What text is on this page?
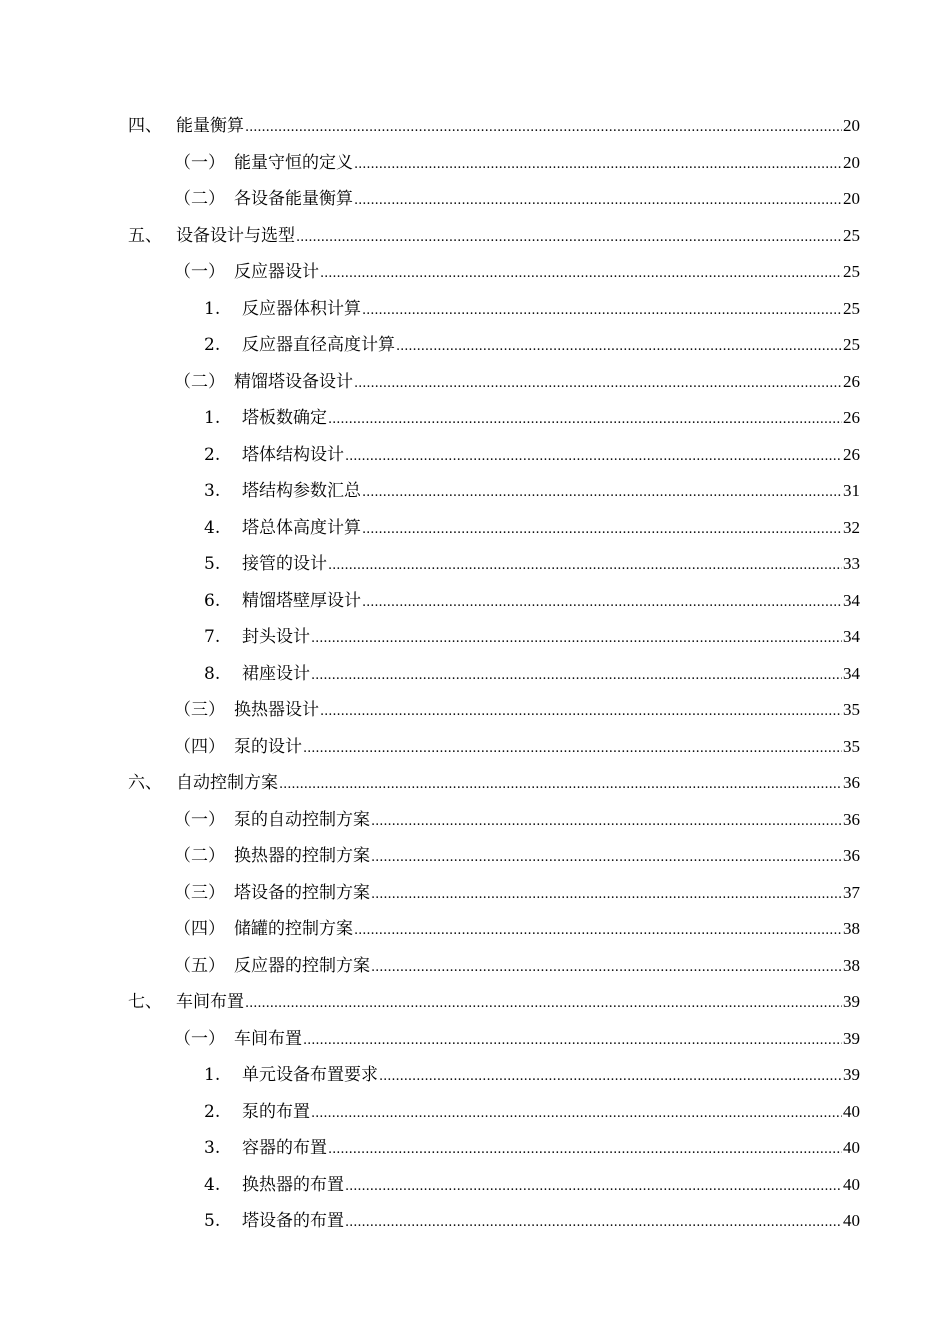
四、 能量衡算 .....	20
（一） 能量守恒的定义 .....	20
（二） 各设备能量衡算 .....	20
五、 设备设计与选型 .....	25
（一） 反应器设计 .....	25
1.	反应器体积计算 .....	25
2.	反应器直径高度计算 .....	25
（二） 精馏塔设备设计 .....	26
1.	塔板数确定 .....	26
2.	塔体结构设计 .....	26
3.	塔结构参数汇总 .....	31
4.	塔总体高度计算 .....	32
5.	接管的设计 .....	33
6.	精馏塔壁厚设计 .....	34
7.	封头设计 .....	34
8.	裙座设计 .....	34
（三） 换热器设计 .....	35
（四） 泵的设计 .....	35
六、 自动控制方案 .....	36
（一） 泵的自动控制方案 .....	36
（二） 换热器的控制方案 .....	36
（三） 塔设备的控制方案 .....	37
（四） 储罐的控制方案 .....	38
（五） 反应器的控制方案 .....	38
七、 车间布置 .....	39
（一） 车间布置 .....	39
1.	单元设备布置要求 .....	39
2.	泵的布置 .....	40
3.	容器的布置 .....	40
4.	换热器的布置 .....	40
5.	塔设备的布置 .....	40
